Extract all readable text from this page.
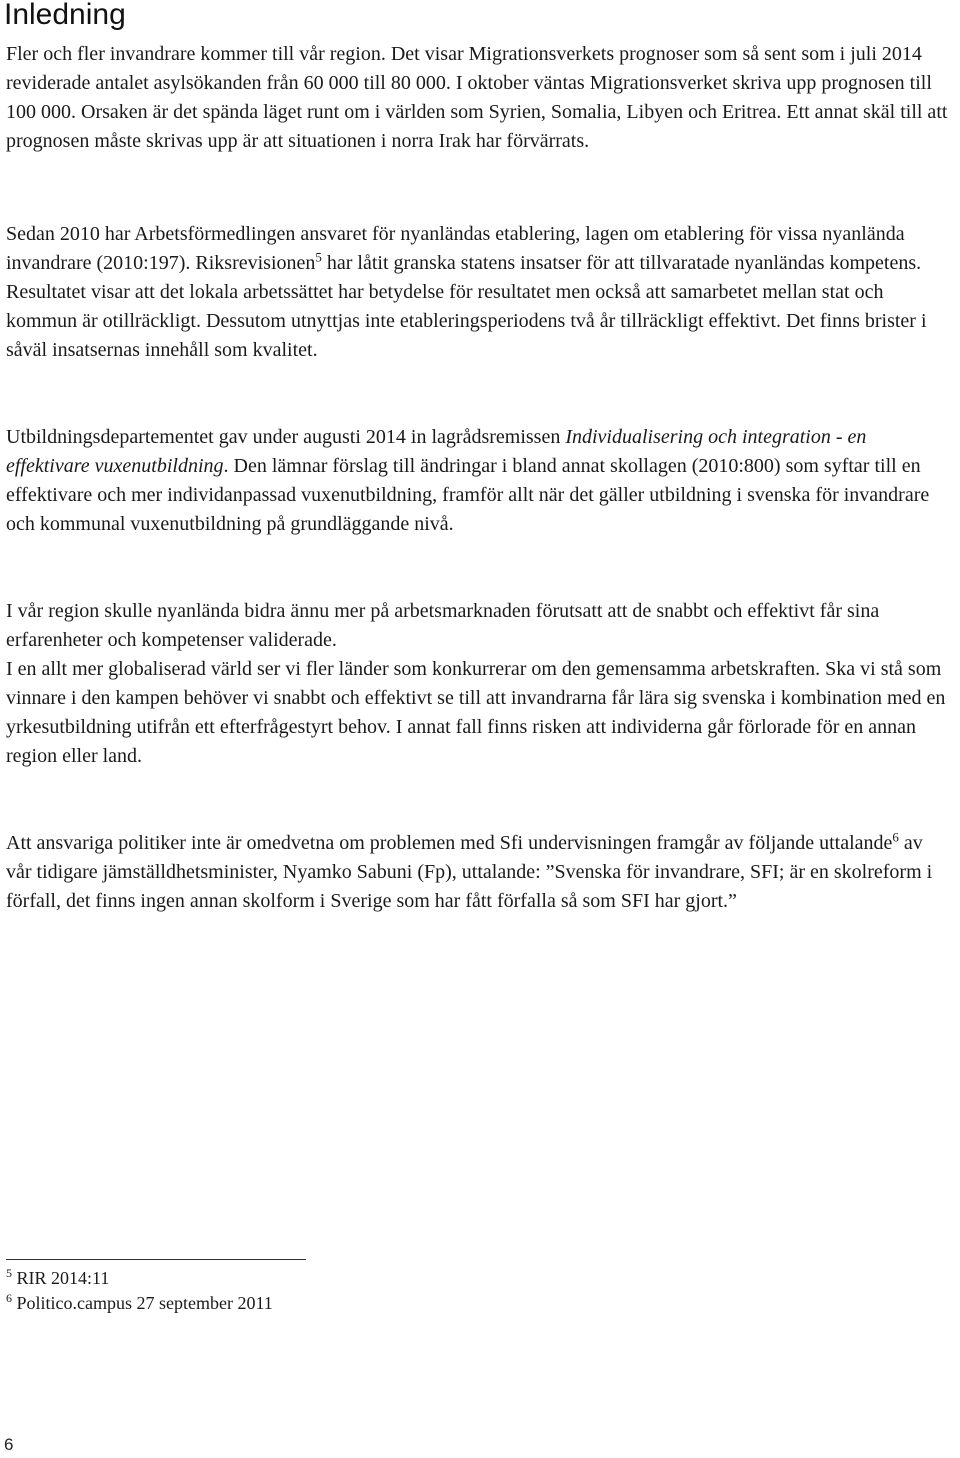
Inledning

Fler och fler invandrare kommer till vår region. Det visar Migrationsverkets prognoser som så sent som i juli 2014 reviderade antalet asylsökanden från 60 000 till 80 000. I oktober väntas Migrationsverket skriva upp prognosen till 100 000. Orsaken är det spända läget runt om i världen som Syrien, Somalia, Libyen och Eritrea. Ett annat skäl till att prognosen måste skrivas upp är att situationen i norra Irak har förvärrats.

Sedan 2010 har Arbetsförmedlingen ansvaret för nyanländas etablering, lagen om etablering för vissa nyanlända invandrare (2010:197). Riksrevisionen$^5$ har låtit granska statens insatser för att tillvaratade nyanländas kompetens. Resultatet visar att det lokala arbetssättet har betydelse för resultatet men också att samarbetet mellan stat och kommun är otillräckligt. Dessutom utnyttjas inte etableringsperiodens två år tillräckligt effektivt. Det finns brister i såväl insatsernas innehåll som kvalitet.

Utbildningsdepartementet gav under augusti 2014 in lagrådsremissen Individualisering och integration - en effektivare vuxenutbildning. Den lämnar förslag till ändringar i bland annat skollagen (2010:800) som syftar till en effektivare och mer individanpassad vuxenutbildning, framför allt när det gäller utbildning i svenska för invandrare och kommunal vuxenutbildning på grundläggande nivå.

I vår region skulle nyanlända bidra ännu mer på arbetsmarknaden förutsatt att de snabbt och effektivt får sina erfarenheter och kompetenser validerade.
I en allt mer globaliserad värld ser vi fler länder som konkurrerar om den gemensamma arbetskraften. Ska vi stå som vinnare i den kampen behöver vi snabbt och effektivt se till att invandrarna får lära sig svenska i kombination med en yrkesutbildning utifrån ett efterfrågestyrt behov. I annat fall finns risken att individerna går förlorade för en annan region eller land.

Att ansvariga politiker inte är omedvetna om problemen med Sfi undervisningen framgår av följande uttalande$^6$ av vår tidigare jämställdhetsminister, Nyamko Sabuni (Fp), uttalande: ”Svenska för invandrare, SFI; är en skolreform i förfall, det finns ingen annan skolform i Sverige som har fått förfalla så som SFI har gjort.”

$^5$ RIR 2014:11
$^6$ Politico.campus 27 september 2011
6
